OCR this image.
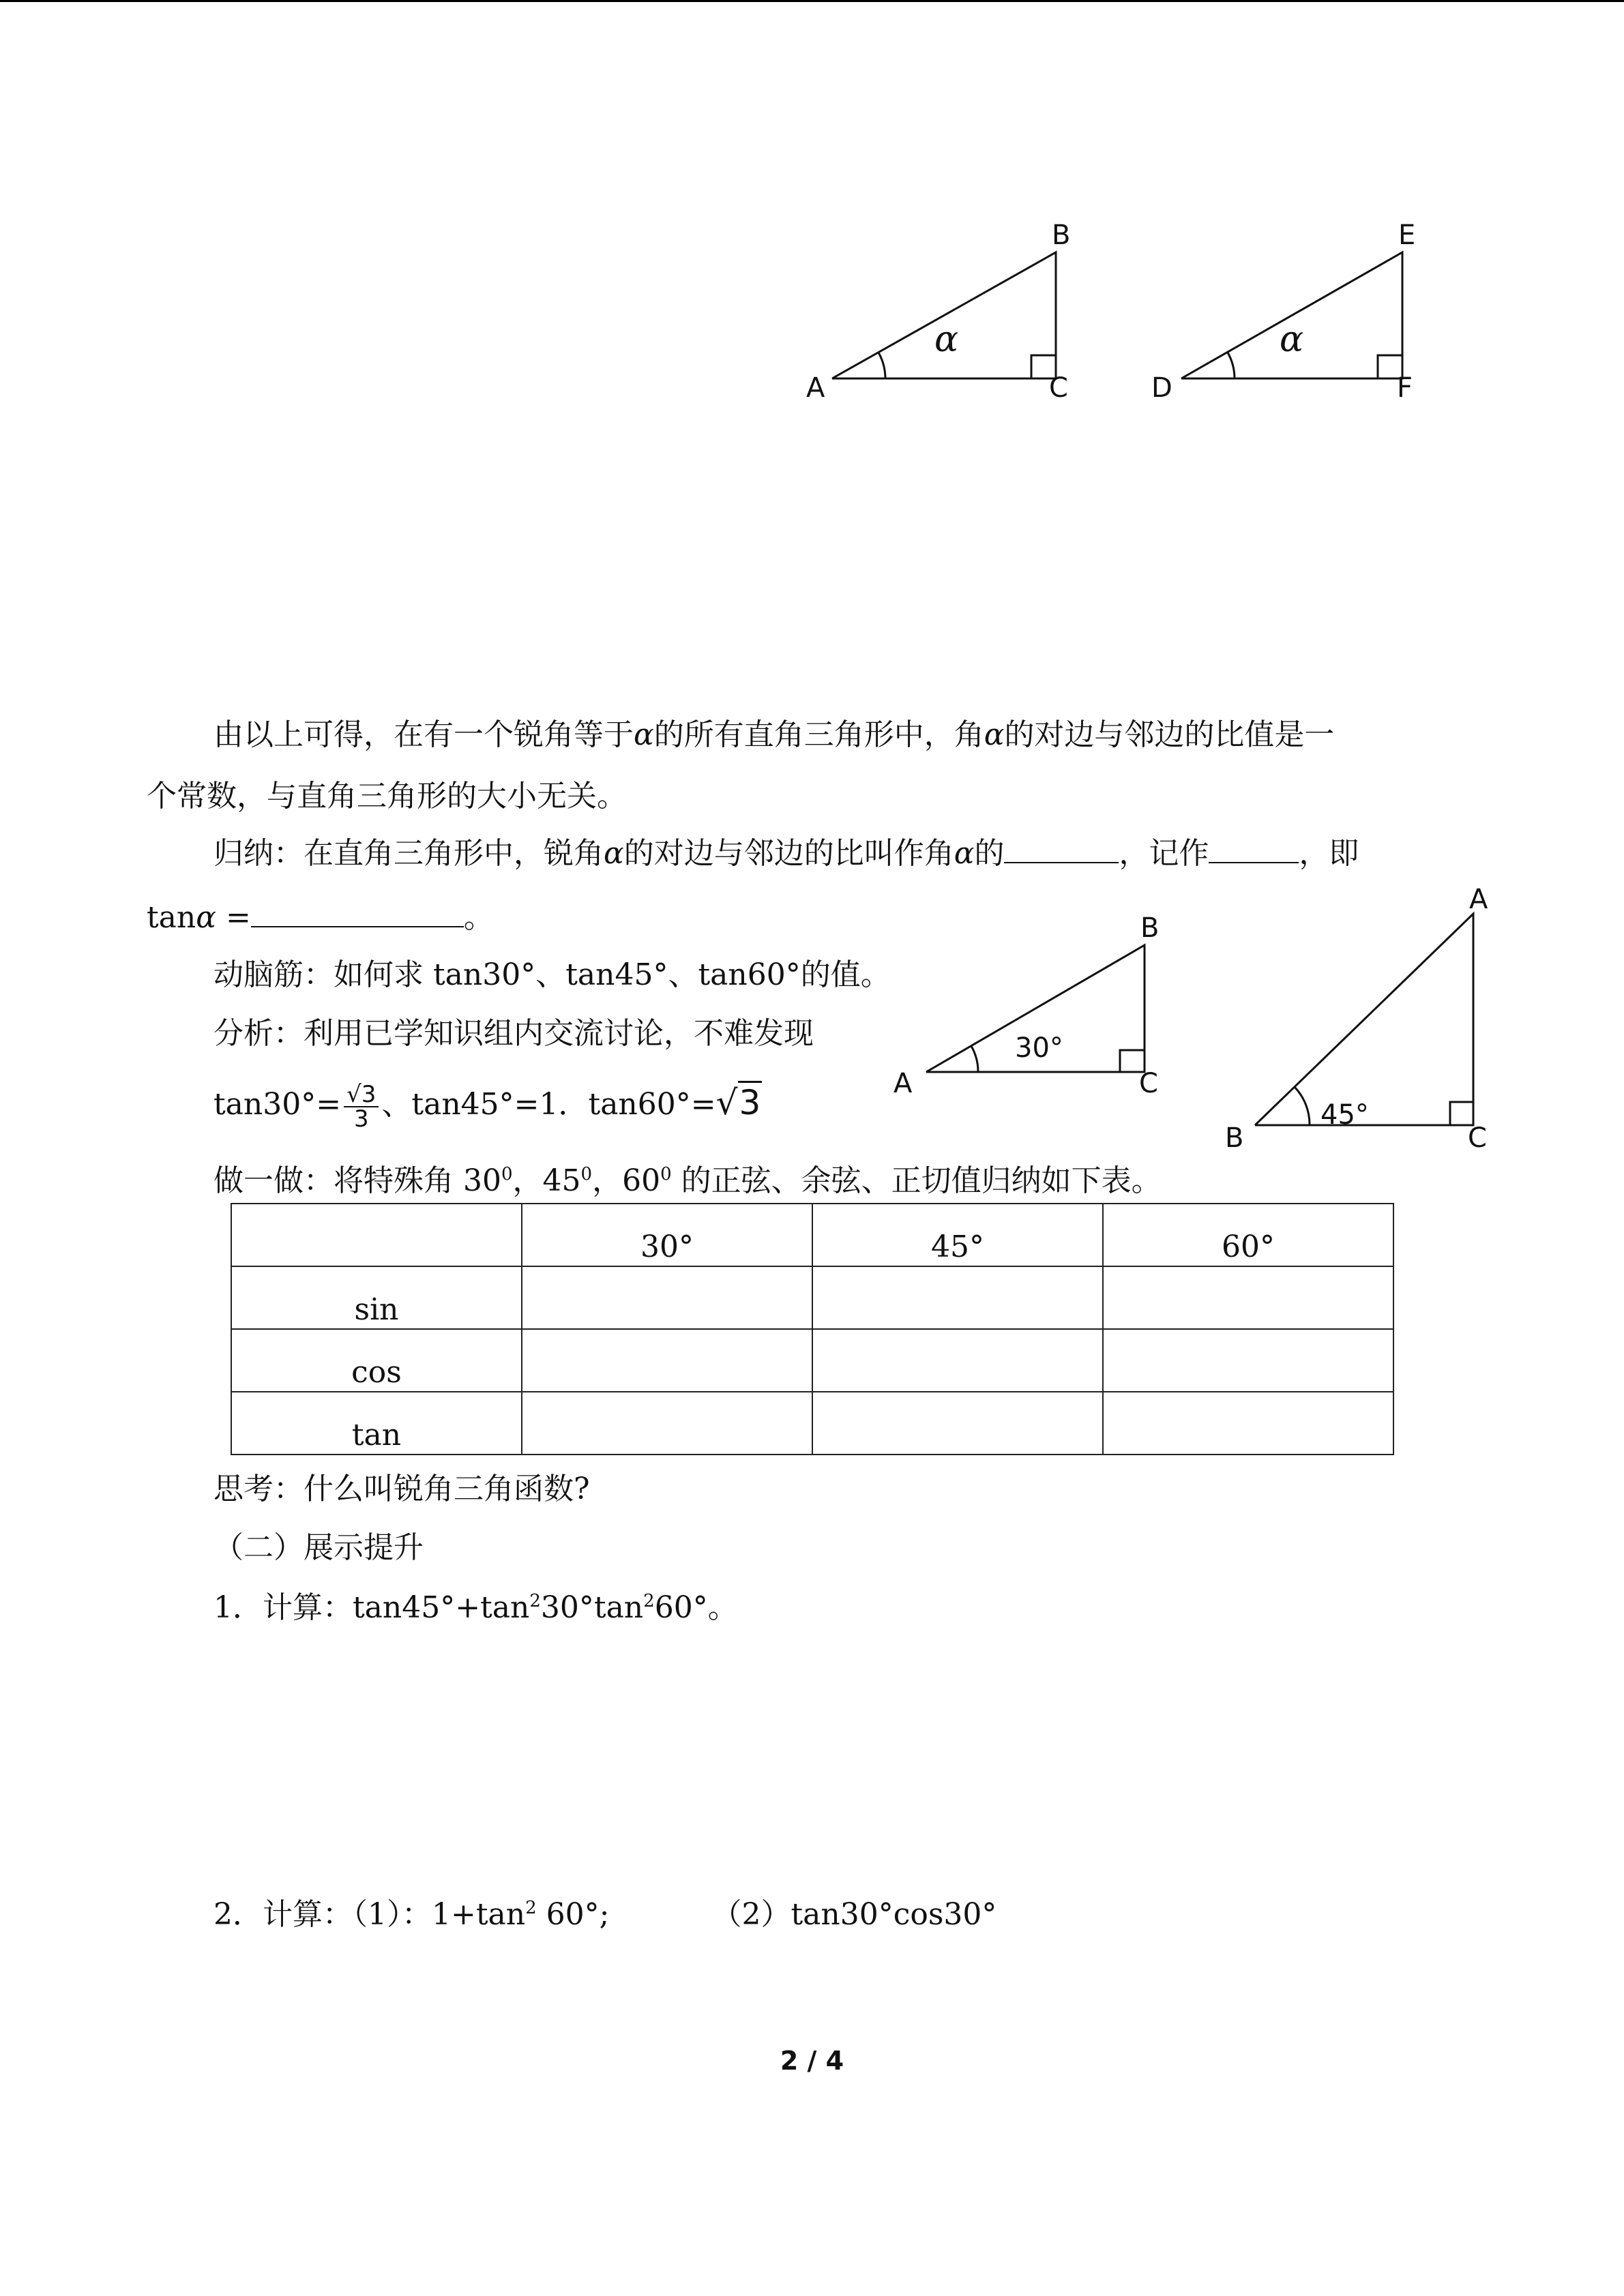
α
A
B
C
α
D
E
F
30°
A
B
C
45°
B
A
C
由以上可得，在有一个锐角等于α的所有直角三角形中，角α的对边与邻边的比值是一
个常数，与直角三角形的大小无关。
归纳：在直角三角形中，锐角α的对边与邻边的比叫作角α的	，记作	，即
tanα =	。
动脑筋：如何求 tan30°、tan45°、tan60°的值。
分析：利用已学知识组内交流讨论，不难发现
$\tan 30^\circ= \frac{√3}{3}$ 、tan45°=1．tan60°=√3
做一做：将特殊角 $30^0$，$45^0$，$60^0$ 的正弦、余弦、正切值归纳如下表。
	30°	45°	60°
sin			
cos			
tan			
思考：什么叫锐角三角函数?
（二）展示提升
1．计算：$\tan 45^\circ+\tan^230^\circ\tan^260^\circ$。
2．计算：（1）：$1+\tan^2$ 60°;	（2）tan30°cos30°
2 / 4
